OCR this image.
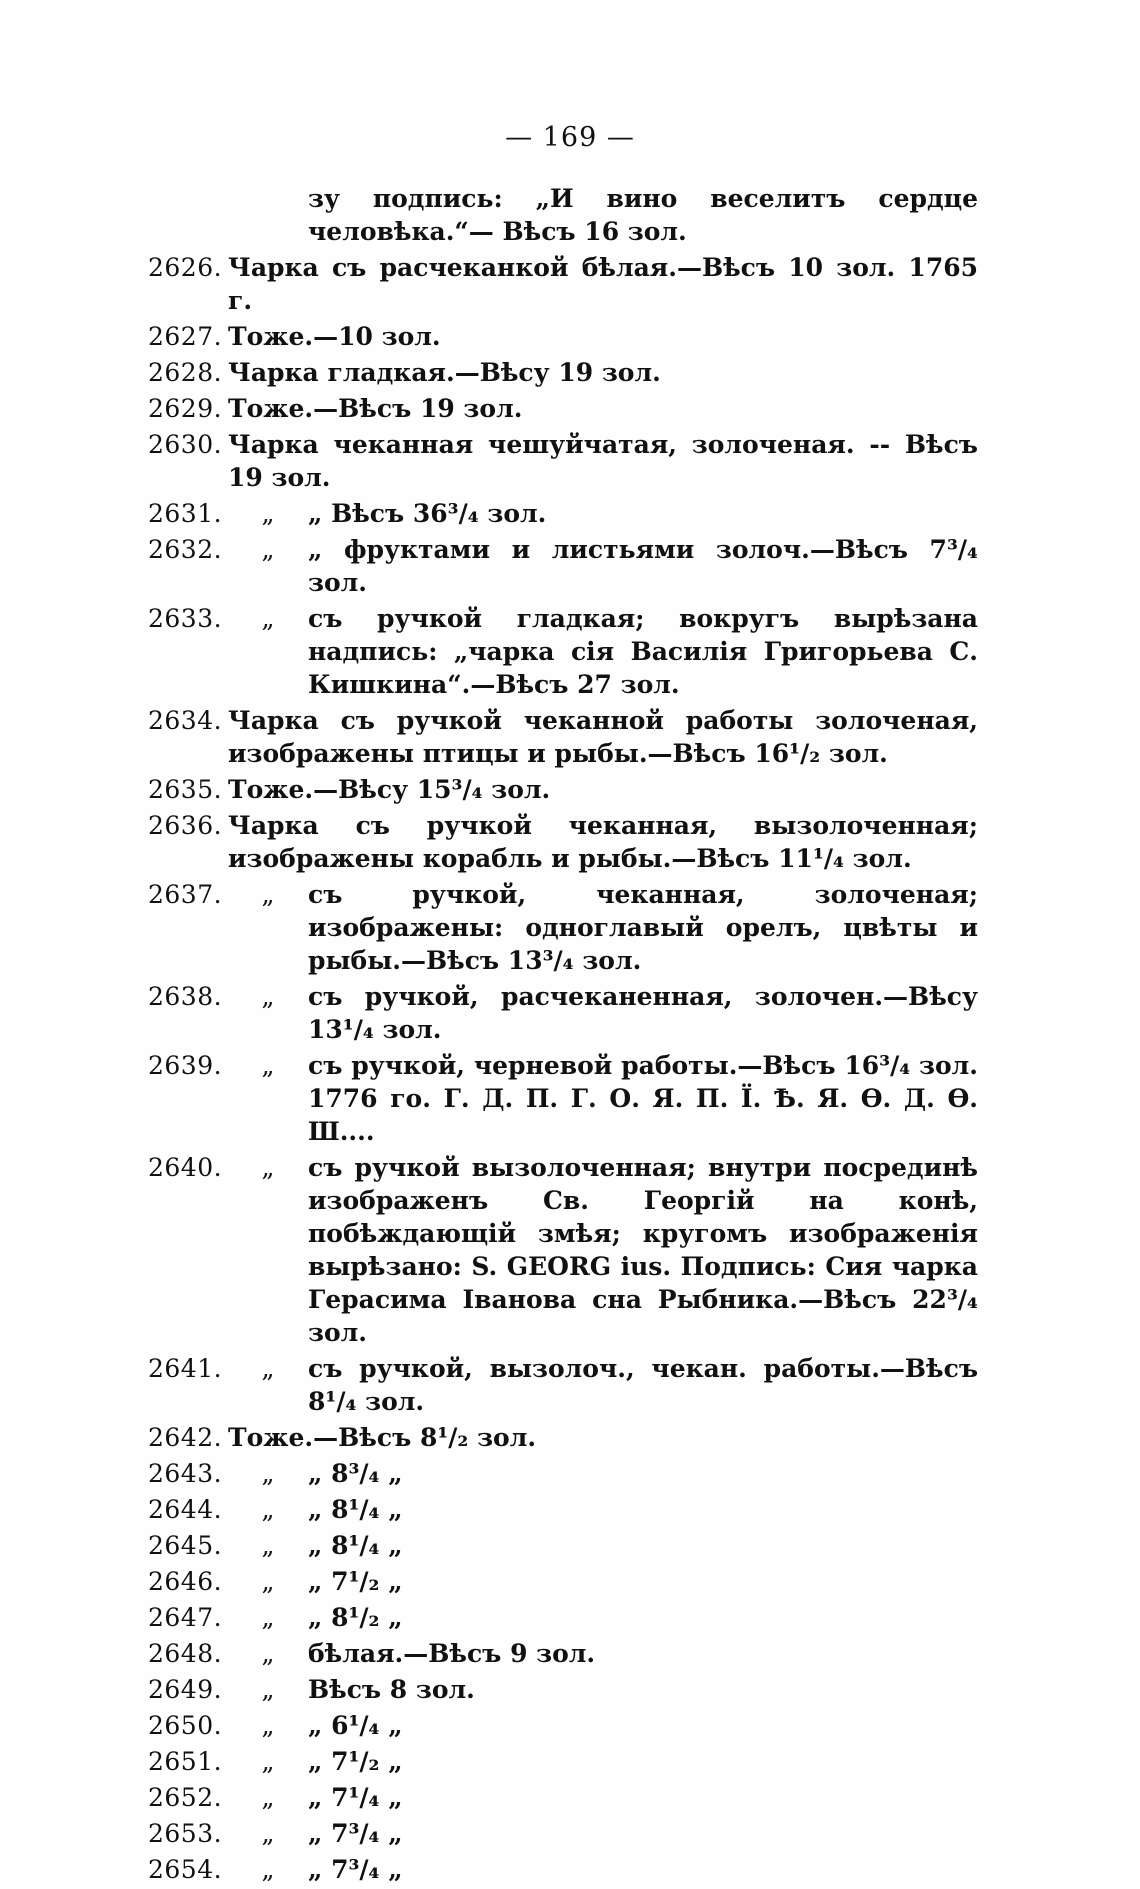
— 169 —
зу подпись: „И вино веселитъ сердце человѣка.“— Вѣсъ 16 зол.
2626. Чарка съ расчеканкой бѣлая.—Вѣсъ 10 зол. 1765 г.
2627. Тоже.—10 зол.
2628. Чарка гладкая.—Вѣсу 19 зол.
2629. Тоже.—Вѣсъ 19 зол.
2630. Чарка чеканная чешуйчатая, золоченая. -- Вѣсъ 19 зол.
2631.	„	„ Вѣсъ 36³/₄ зол.
2632.	„	„ фруктами и листьями золоч.—Вѣсъ 7³/₄ зол.
2633.	„	съ ручкой гладкая; вокругъ вырѣзана надпись: „чарка сія Василія Григорьева С. Кишкина“.—Вѣсъ 27 зол.
2634. Чарка съ ручкой чеканной работы золоченая, изображены птицы и рыбы.—Вѣсъ 16¹/₂ зол.
2635. Тоже.—Вѣсу 15³/₄ зол.
2636. Чарка съ ручкой чеканная, вызолоченная; изображены корабль и рыбы.—Вѣсъ 11¹/₄ зол.
2637.	„	съ ручкой, чеканная, золоченая; изображены: одноглавый орелъ, цвѣты и рыбы.—Вѣсъ 13³/₄ зол.
2638.	„	съ ручкой, расчеканенная, золочен.—Вѣсу 13¹/₄ зол.
2639.	„	съ ручкой, черневой работы.—Вѣсъ 16³/₄ зол. 1776 го. Г. Д. П. Г. О. Я. П. Ї. Ѣ. Я. Ѳ. Д. Ѳ. Ш....
2640.	„	съ ручкой вызолоченная; внутри посрединѣ изображенъ Св. Георгій на конѣ, побѣждающій змѣя; кругомъ изображенія вырѣзано: S. GEORG ius. Подпись: Сия чарка Герасима Iванова сна Рыбника.—Вѣсъ 22³/₄ зол.
2641.	„	съ ручкой, вызолоч., чекан. работы.—Вѣсъ 8¹/₄ зол.
2642. Тоже.—Вѣсъ 8¹/₂ зол.
2643.	„	„ 8³/₄ „
2644.	„	„ 8¹/₄ „
2645.	„	„ 8¹/₄ „
2646.	„	„ 7¹/₂ „
2647.	„	„ 8¹/₂ „
2648.	„	бѣлая.—Вѣсъ 9 зол.
2649.	„	Вѣсъ 8 зол.
2650.	„	„ 6¹/₄ „
2651.	„	„ 7¹/₂ „
2652.	„	„ 7¹/₄ „
2653.	„	„ 7³/₄ „
2654.	„	„ 7³/₄ „
